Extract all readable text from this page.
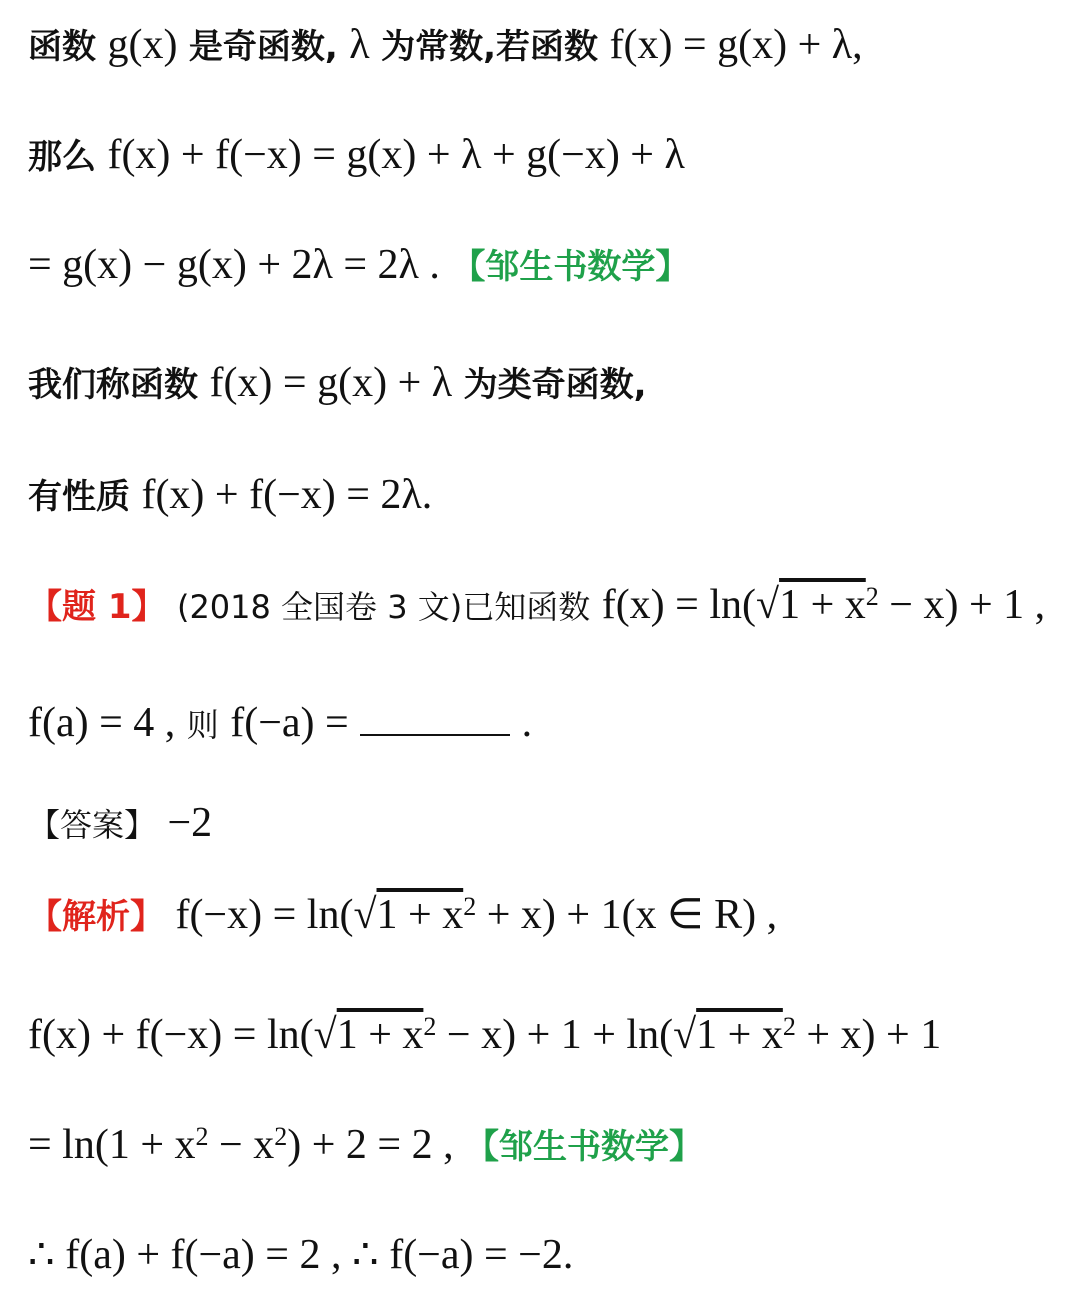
函数 g(x) 是奇函数, λ 为常数,若函数 f(x) = g(x) + λ,
那么 f(x) + f(−x) = g(x) + λ + g(−x) + λ
= g(x) − g(x) + 2λ = 2λ . 【邹生书数学】
我们称函数 f(x) = g(x) + λ 为类奇函数,
有性质 f(x) + f(−x) = 2λ.
【题 1】 (2018 全国卷 3 文)已知函数 $f(x) = \ln(√1 + x^2 - x) + 1$ ,
f(a) = 4 , 则 f(−a) =	.
【答案】 −2
【解析】 $f(-x) = \ln(√1 + x^2 + x) + 1(x$ ∈ R) ,
$f(x) + f(-x) = \ln(√1 + x^2 - x) + 1 + \ln(√1 + x^2 + x) + 1$
= $\ln(1 + x^2 - x^2) + 2 = 2$ , 【邹生书数学】
∴ f(a) + f(−a) = 2 , ∴ f(−a) = −2.
